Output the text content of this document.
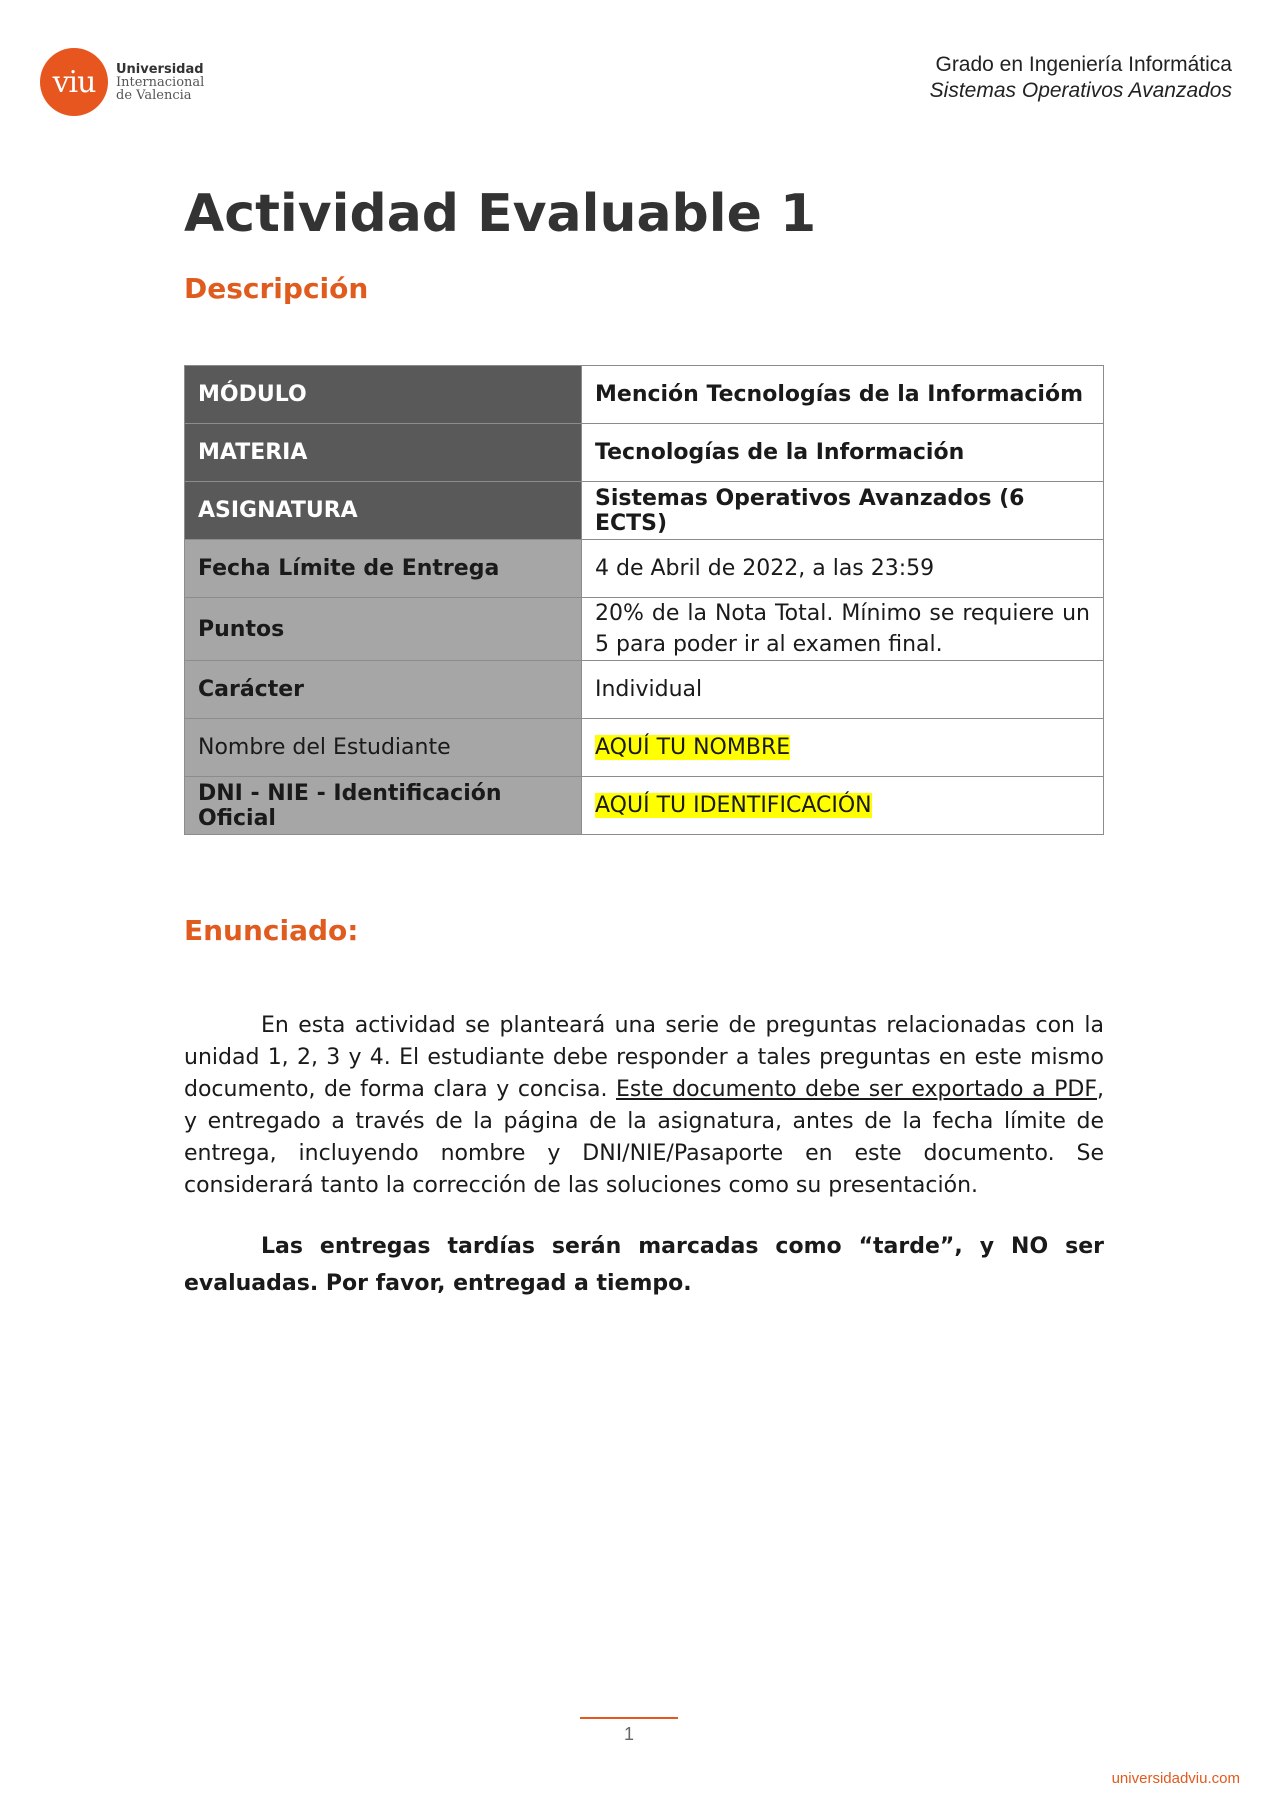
viu	Universidad
Internacional
de Valencia
Grado en Ingeniería Informática
Sistemas Operativos Avanzados
Actividad Evaluable 1
Descripción
MÓDULO	Mención Tecnologías de la Informacióm
MATERIA	Tecnologías de la Información
ASIGNATURA	Sistemas Operativos Avanzados (6 ECTS)
Fecha Límite de Entrega	4 de Abril de 2022, a las 23:59
Puntos	20% de la Nota Total. Mínimo se requiere un 5 para poder ir al examen final.
Carácter	Individual
Nombre del Estudiante	AQUÍ TU NOMBRE
DNI - NIE - Identificación Oficial	AQUÍ TU IDENTIFICACIÓN
Enunciado:

En esta actividad se planteará una serie de preguntas relacionadas con la unidad 1, 2, 3 y 4. El estudiante debe responder a tales preguntas en este mismo documento, de forma clara y concisa. Este documento debe ser exportado a PDF, y entregado a través de la página de la asignatura, antes de la fecha límite de entrega, incluyendo nombre y DNI/NIE/Pasaporte en este documento. Se considerará tanto la corrección de las soluciones como su presentación.

Las entregas tardías serán marcadas como “tarde”, y NO ser evaluadas. Por favor, entregad a tiempo.

1
universidadviu.com
